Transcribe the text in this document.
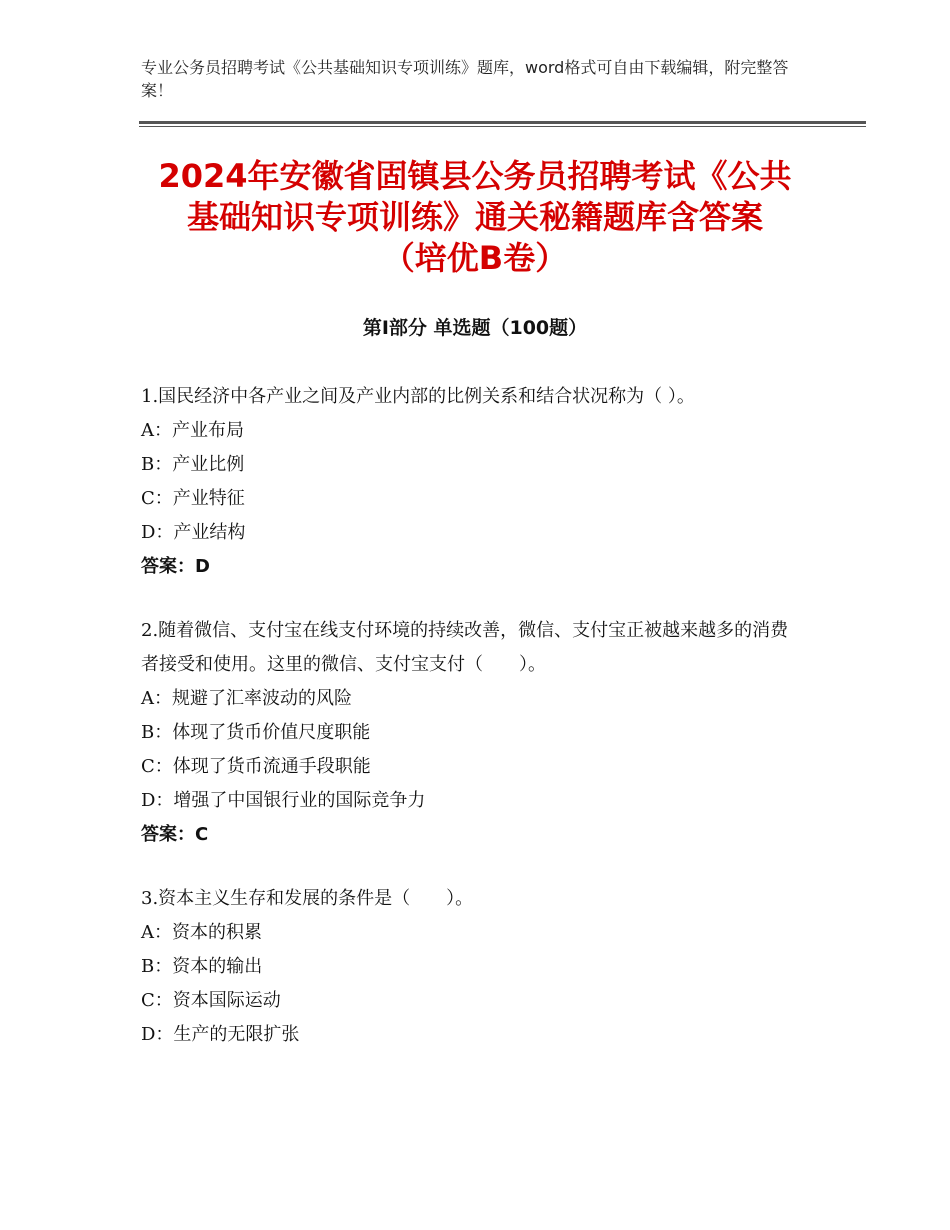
专业公务员招聘考试《公共基础知识专项训练》题库，word格式可自由下载编辑，附完整答案！
2024年安徽省固镇县公务员招聘考试《公共
基础知识专项训练》通关秘籍题库含答案
（培优B卷）
第Ⅰ部分 单选题（100题）

1.国民经济中各产业之间及产业内部的比例关系和结合状况称为（ ）。

A：产业布局

B：产业比例

C：产业特征

D：产业结构

答案：D

2.随着微信、支付宝在线支付环境的持续改善，微信、支付宝正被越来越多的消费者接受和使用。这里的微信、支付宝支付（　　）。

A：规避了汇率波动的风险

B：体现了货币价值尺度职能

C：体现了货币流通手段职能

D：增强了中国银行业的国际竞争力

答案：C

3.资本主义生存和发展的条件是（　　）。

A：资本的积累

B：资本的输出

C：资本国际运动

D：生产的无限扩张
